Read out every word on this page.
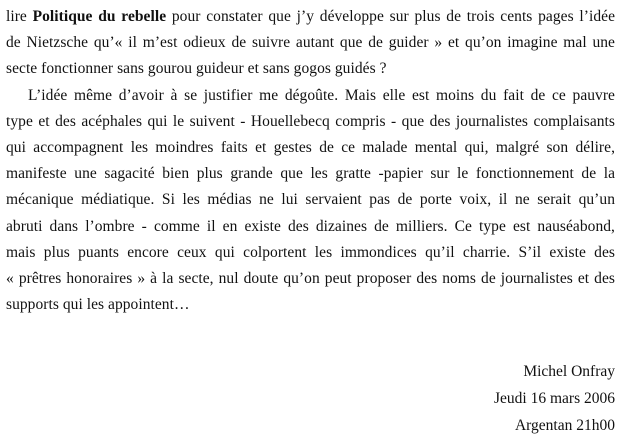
lire Politique du rebelle pour constater que j’y développe sur plus de trois cents pages l’idée
de Nietzsche qu’« il m’est odieux de suivre autant que de guider » et qu’on imagine mal une
secte fonctionner sans gourou guideur et sans gogos guidés ?

L’idée même d’avoir à se justifier me dégoûte. Mais elle est moins du fait de ce pauvre
type et des acéphales qui le suivent - Houellebecq compris - que des journalistes complaisants
qui accompagnent les moindres faits et gestes de ce malade mental qui, malgré son délire,
manifeste une sagacité bien plus grande que les gratte -papier sur le fonctionnement de la
mécanique médiatique. Si les médias ne lui servaient pas de porte voix, il ne serait qu’un
abruti dans l’ombre - comme il en existe des dizaines de milliers. Ce type est nauséabond,
mais plus puants encore ceux qui colportent les immondices qu’il charrie. S’il existe des
« prêtres honoraires » à la secte, nul doute qu’on peut proposer des noms de journalistes et des
supports qui les appointent…

Michel Onfray
Jeudi 16 mars 2006
Argentan 21h00
